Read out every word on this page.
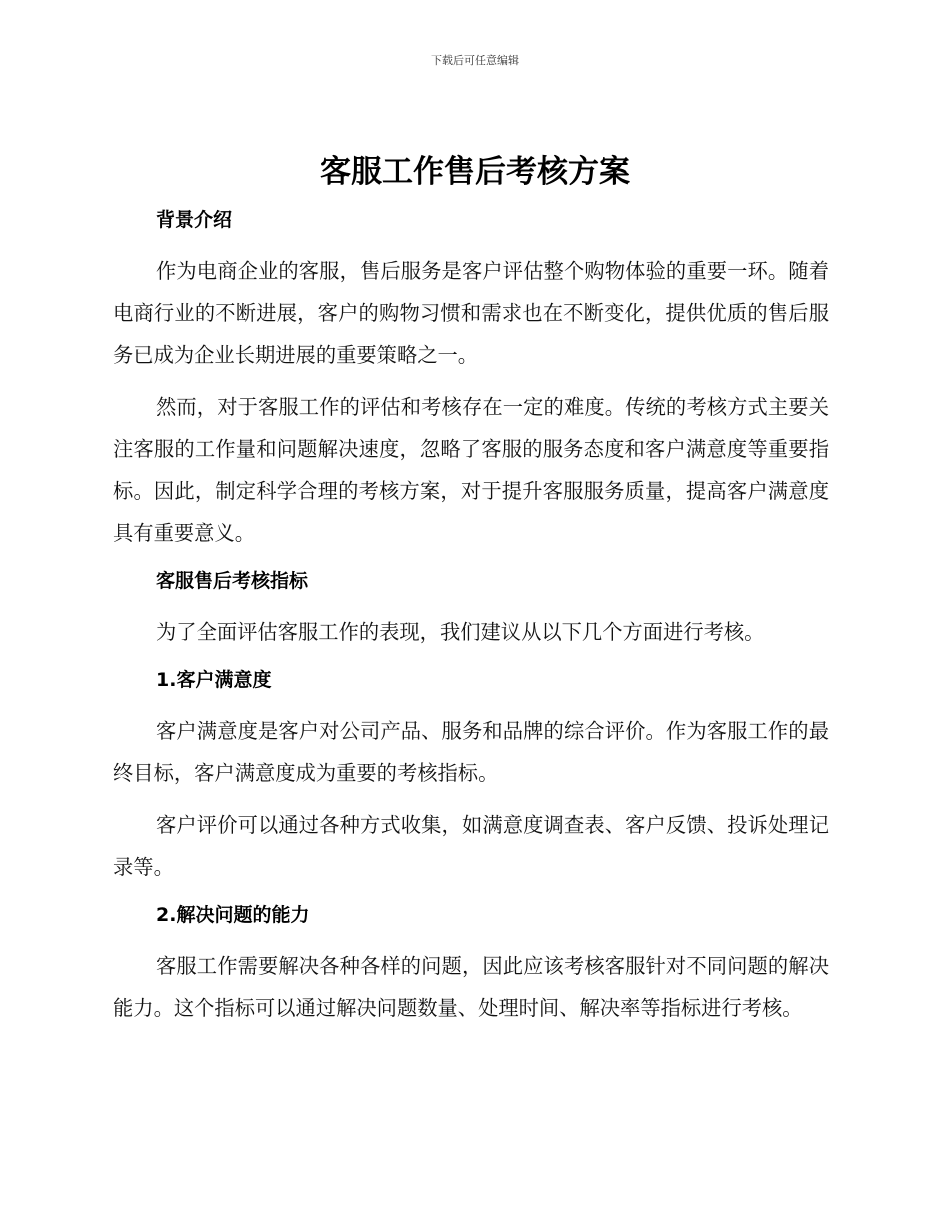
下载后可任意编辑
客服工作售后考核方案
背景介绍

作为电商企业的客服，售后服务是客户评估整个购物体验的重要一环。随着电商行业的不断进展，客户的购物习惯和需求也在不断变化，提供优质的售后服务已成为企业长期进展的重要策略之一。

然而，对于客服工作的评估和考核存在一定的难度。传统的考核方式主要关注客服的工作量和问题解决速度，忽略了客服的服务态度和客户满意度等重要指标。因此，制定科学合理的考核方案，对于提升客服服务质量，提高客户满意度具有重要意义。

客服售后考核指标

为了全面评估客服工作的表现，我们建议从以下几个方面进行考核。

1.客户满意度

客户满意度是客户对公司产品、服务和品牌的综合评价。作为客服工作的最终目标，客户满意度成为重要的考核指标。

客户评价可以通过各种方式收集，如满意度调查表、客户反馈、投诉处理记录等。

2.解决问题的能力

客服工作需要解决各种各样的问题，因此应该考核客服针对不同问题的解决能力。这个指标可以通过解决问题数量、处理时间、解决率等指标进行考核。
